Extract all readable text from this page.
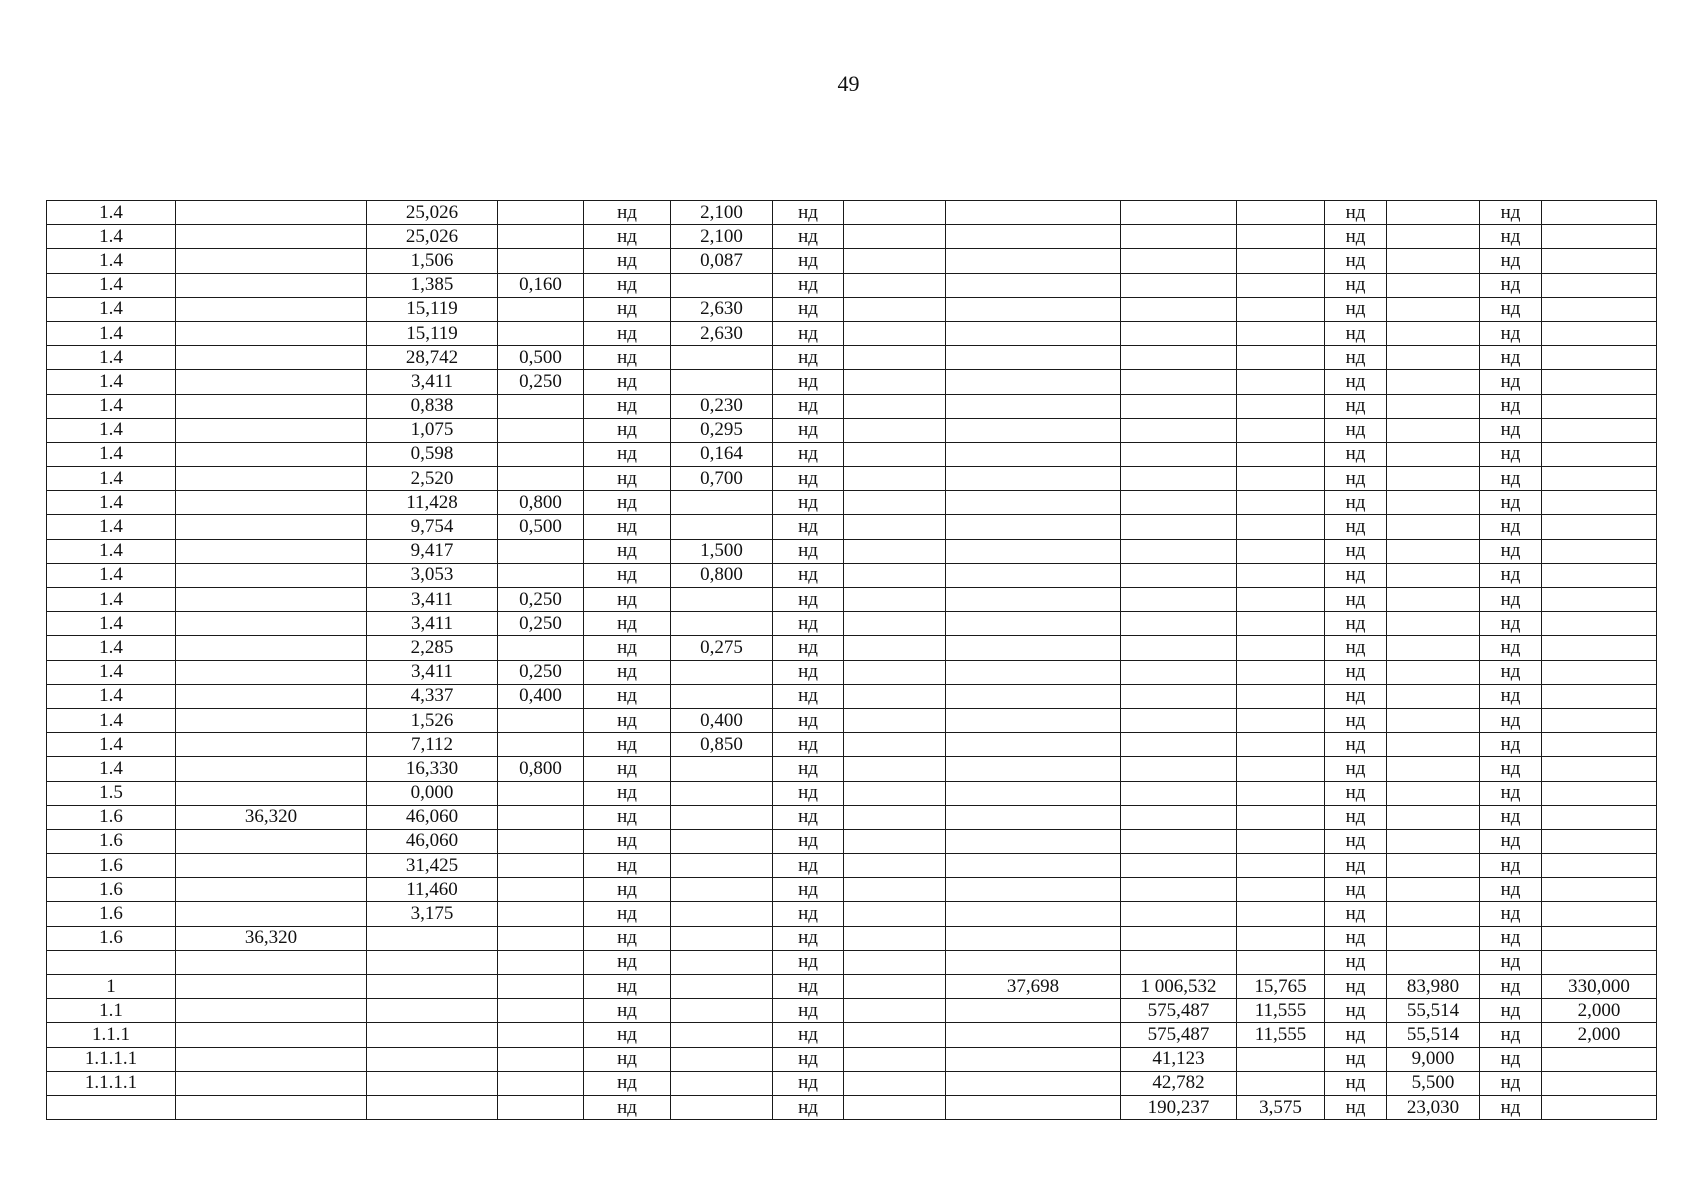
49
1.4		25,026		нд	2,100	нд					нд		нд	
1.4		25,026		нд	2,100	нд					нд		нд	
1.4		1,506		нд	0,087	нд					нд		нд	
1.4		1,385	0,160	нд		нд					нд		нд	
1.4		15,119		нд	2,630	нд					нд		нд	
1.4		15,119		нд	2,630	нд					нд		нд	
1.4		28,742	0,500	нд		нд					нд		нд	
1.4		3,411	0,250	нд		нд					нд		нд	
1.4		0,838		нд	0,230	нд					нд		нд	
1.4		1,075		нд	0,295	нд					нд		нд	
1.4		0,598		нд	0,164	нд					нд		нд	
1.4		2,520		нд	0,700	нд					нд		нд	
1.4		11,428	0,800	нд		нд					нд		нд	
1.4		9,754	0,500	нд		нд					нд		нд	
1.4		9,417		нд	1,500	нд					нд		нд	
1.4		3,053		нд	0,800	нд					нд		нд	
1.4		3,411	0,250	нд		нд					нд		нд	
1.4		3,411	0,250	нд		нд					нд		нд	
1.4		2,285		нд	0,275	нд					нд		нд	
1.4		3,411	0,250	нд		нд					нд		нд	
1.4		4,337	0,400	нд		нд					нд		нд	
1.4		1,526		нд	0,400	нд					нд		нд	
1.4		7,112		нд	0,850	нд					нд		нд	
1.4		16,330	0,800	нд		нд					нд		нд	
1.5		0,000		нд		нд					нд		нд	
1.6	36,320	46,060		нд		нд					нд		нд	
1.6		46,060		нд		нд					нд		нд	
1.6		31,425		нд		нд					нд		нд	
1.6		11,460		нд		нд					нд		нд	
1.6		3,175		нд		нд					нд		нд	
1.6	36,320			нд		нд					нд		нд	
				нд		нд					нд		нд	
1				нд		нд		37,698	1 006,532	15,765	нд	83,980	нд	330,000
1.1				нд		нд			575,487	11,555	нд	55,514	нд	2,000
1.1.1				нд		нд			575,487	11,555	нд	55,514	нд	2,000
1.1.1.1				нд		нд			41,123		нд	9,000	нд	
1.1.1.1				нд		нд			42,782		нд	5,500	нд	
				нд		нд			190,237	3,575	нд	23,030	нд	
